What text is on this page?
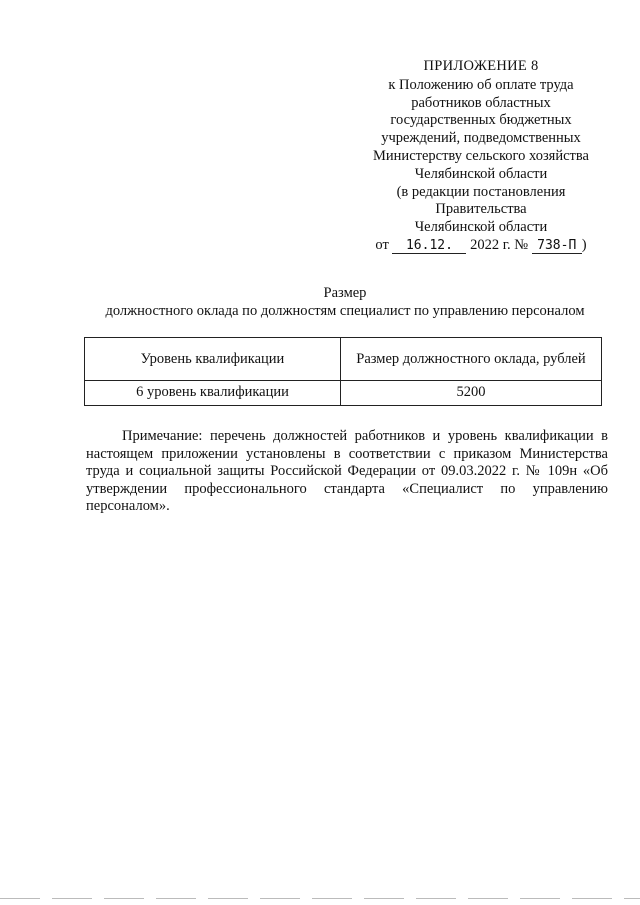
ПРИЛОЖЕНИЕ 8
к Положению об оплате труда
работников областных
государственных бюджетных
учреждений, подведомственных
Министерству сельского хозяйства
Челябинской области
(в редакции постановления
Правительства
Челябинской области
от 16.12. 2022 г. № 738-П )
Размер
должностного оклада по должностям специалист по управлению персоналом
Уровень квалификации	Размер должностного оклада, рублей
6 уровень квалификации	5200
Примечание: перечень должностей работников и уровень квалификации в настоящем приложении установлены в соответствии с приказом Министерства труда и социальной защиты Российской Федерации от 09.03.2022 г. № 109н «Об утверждении профессионального стандарта «Специалист по управлению персоналом».
